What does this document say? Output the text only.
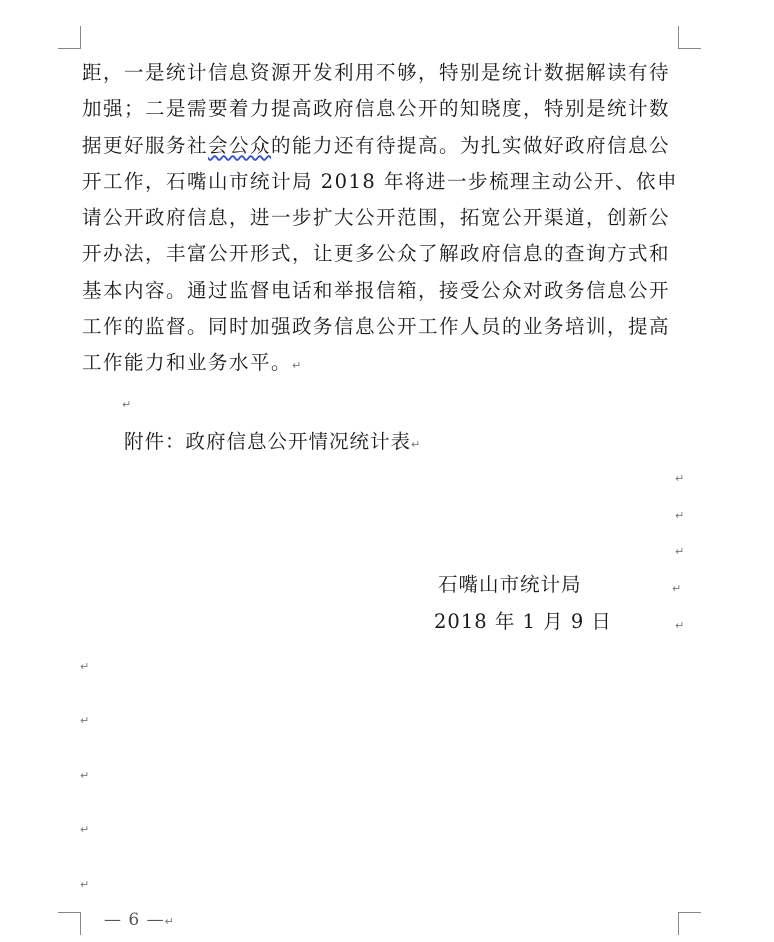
距，一是统计信息资源开发利用不够，特别是统计数据解读有待
加强；二是需要着力提高政府信息公开的知晓度，特别是统计数
据更好服务社会公众的能力还有待提高。为扎实做好政府信息公
开工作，石嘴山市统计局 2018 年将进一步梳理主动公开、依申
请公开政府信息，进一步扩大公开范围，拓宽公开渠道，创新公
开办法，丰富公开形式，让更多公众了解政府信息的查询方式和
基本内容。通过监督电话和举报信箱，接受公众对政务信息公开
工作的监督。同时加强政务信息公开工作人员的业务培训，提高
工作能力和业务水平。↵
↵
附件：政府信息公开情况统计表↵
↵
↵
↵
石嘴山市统计局	↵
2018 年 1 月 9 日	↵
↵
↵
↵
↵
↵
— 6 —↵
